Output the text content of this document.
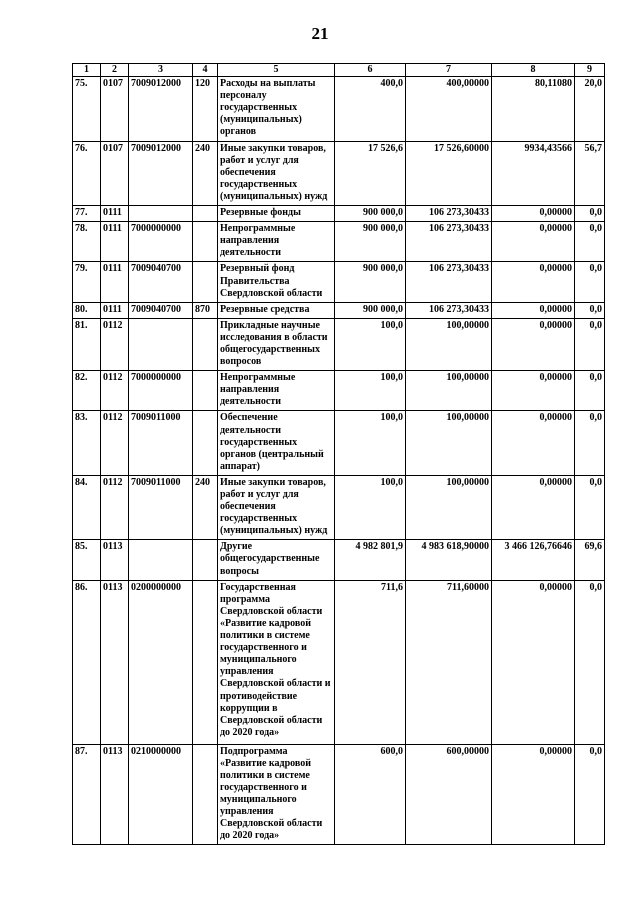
21
1	2	3	4	5	6	7	8	9
75.	0107	7009012000	120	Расходы на выплаты персоналу государственных (муниципальных) органов	400,0	400,00000	80,11080	20,0
76.	0107	7009012000	240	Иные закупки товаров, работ и услуг для обеспечения государственных (муниципальных) нужд	17 526,6	17 526,60000	9934,43566	56,7
77.	0111			Резервные фонды	900 000,0	106 273,30433	0,00000	0,0
78.	0111	7000000000		Непрограммные направления деятельности	900 000,0	106 273,30433	0,00000	0,0
79.	0111	7009040700		Резервный фонд Правительства Свердловской области	900 000,0	106 273,30433	0,00000	0,0
80.	0111	7009040700	870	Резервные средства	900 000,0	106 273,30433	0,00000	0,0
81.	0112			Прикладные научные исследования в области общегосударственных вопросов	100,0	100,00000	0,00000	0,0
82.	0112	7000000000		Непрограммные направления деятельности	100,0	100,00000	0,00000	0,0
83.	0112	7009011000		Обеспечение деятельности государственных органов (центральный аппарат)	100,0	100,00000	0,00000	0,0
84.	0112	7009011000	240	Иные закупки товаров, работ и услуг для обеспечения государственных (муниципальных) нужд	100,0	100,00000	0,00000	0,0
85.	0113			Другие общегосударственные вопросы	4 982 801,9	4 983 618,90000	3 466 126,76646	69,6
86.	0113	0200000000		Государственная программа Свердловской области «Развитие кадровой политики в системе государственного и муниципального управления Свердловской области и противодействие коррупции в Свердловской области до 2020 года»	711,6	711,60000	0,00000	0,0
87.	0113	0210000000		Подпрограмма «Развитие кадровой политики в системе государственного и муниципального управления Свердловской области до 2020 года»	600,0	600,00000	0,00000	0,0
